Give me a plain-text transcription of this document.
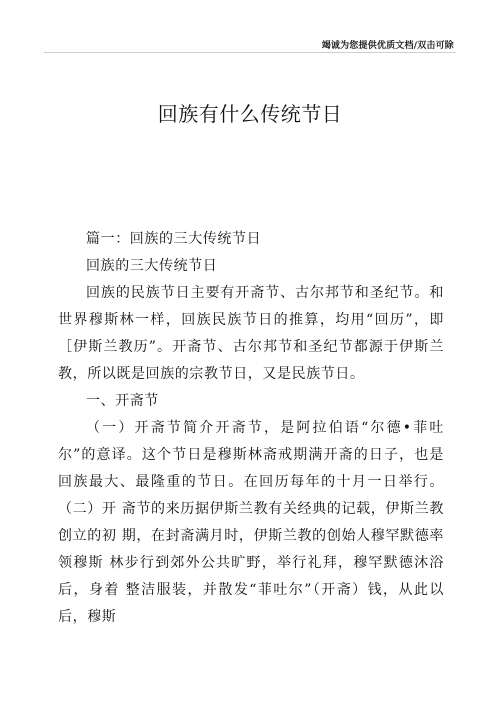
竭诚为您提供优质文档/双击可除
回族有什么传统节日

篇一：回族的三大传统节日

回族的三大传统节日

回族的民族节日主要有开斋节、古尔邦节和圣纪节。和世界穆斯林一样，回族民族节日的推算，均用“回历”，即［伊斯兰教历”。开斋节、古尔邦节和圣纪节都源于伊斯兰教，所以既是回族的宗教节日，又是民族节日。

一、开斋节

（一）开斋节简介开斋节，是阿拉伯语“尔德•菲吐尔”的意译。这个节日是穆斯林斋戒期满开斋的日子，也是回族最大、最隆重的节日。在回历每年的十月一日举行。（二）开 斋节的来历据伊斯兰教有关经典的记载，伊斯兰教创立的初 期，在封斋满月时，伊斯兰教的创始人穆罕默德率领穆斯 林步行到郊外公共旷野，举行礼拜，穆罕默德沐浴后，身着 整洁服装，并散发“菲吐尔”（开斋）钱，从此以后，穆斯
